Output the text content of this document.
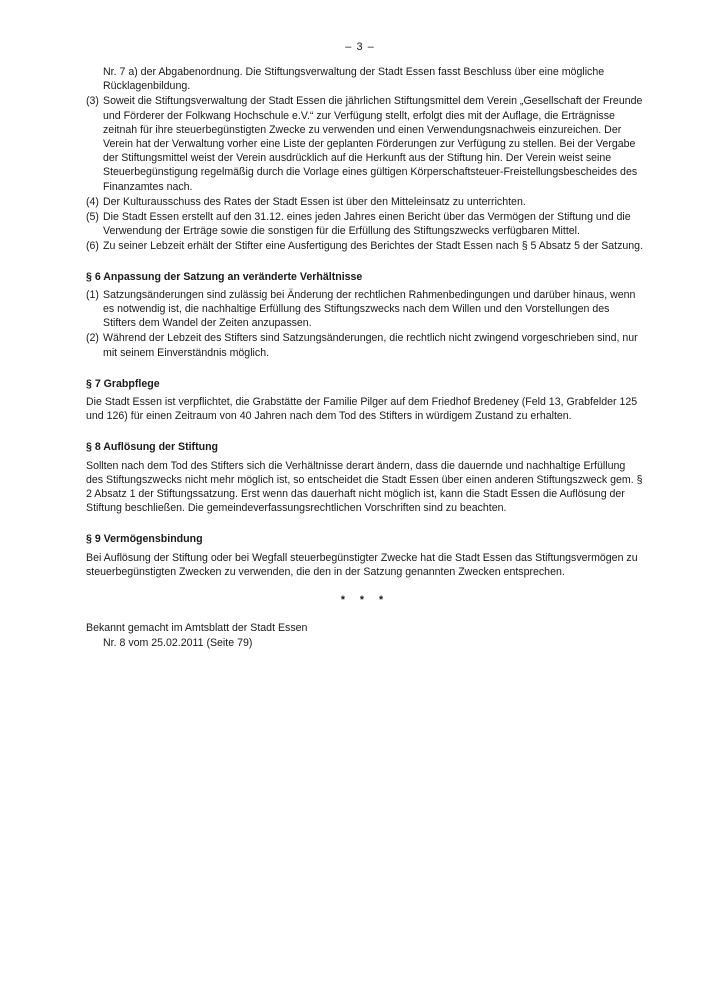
– 3 –
Nr. 7 a) der Abgabenordnung. Die Stiftungsverwaltung der Stadt Essen fasst Beschluss über eine mögliche Rücklagenbildung.
(3) Soweit die Stiftungsverwaltung der Stadt Essen die jährlichen Stiftungsmittel dem Verein „Gesellschaft der Freunde und Förderer der Folkwang Hochschule e.V.“ zur Verfügung stellt, erfolgt dies mit der Auflage, die Erträgnisse zeitnah für ihre steuerbegünstigten Zwecke zu verwenden und einen Verwendungsnachweis einzureichen. Der Verein hat der Verwaltung vorher eine Liste der geplanten Förderungen zur Verfügung zu stellen. Bei der Vergabe der Stiftungsmittel weist der Verein ausdrücklich auf die Herkunft aus der Stiftung hin. Der Verein weist seine Steuerbegünstigung regelmäßig durch die Vorlage eines gültigen Körperschaftsteuer-Freistellungsbescheides des Finanzamtes nach.
(4) Der Kulturausschuss des Rates der Stadt Essen ist über den Mitteleinsatz zu unterrichten.
(5) Die Stadt Essen erstellt auf den 31.12. eines jeden Jahres einen Bericht über das Vermögen der Stiftung und die Verwendung der Erträge sowie die sonstigen für die Erfüllung des Stiftungszwecks verfügbaren Mittel.
(6) Zu seiner Lebzeit erhält der Stifter eine Ausfertigung des Berichtes der Stadt Essen nach § 5 Absatz 5 der Satzung.
§ 6 Anpassung der Satzung an veränderte Verhältnisse
(1) Satzungsänderungen sind zulässig bei Änderung der rechtlichen Rahmenbedingungen und darüber hinaus, wenn es notwendig ist, die nachhaltige Erfüllung des Stiftungszwecks nach dem Willen und den Vorstellungen des Stifters dem Wandel der Zeiten anzupassen.
(2) Während der Lebzeit des Stifters sind Satzungsänderungen, die rechtlich nicht zwingend vorgeschrieben sind, nur mit seinem Einverständnis möglich.
§ 7 Grabpflege

Die Stadt Essen ist verpflichtet, die Grabstätte der Familie Pilger auf dem Friedhof Bredeney (Feld 13, Grabfelder 125 und 126) für einen Zeitraum von 40 Jahren nach dem Tod des Stifters in würdigem Zustand zu erhalten.

§ 8 Auflösung der Stiftung

Sollten nach dem Tod des Stifters sich die Verhältnisse derart ändern, dass die dauernde und nachhaltige Erfüllung des Stiftungszwecks nicht mehr möglich ist, so entscheidet die Stadt Essen über einen anderen Stiftungszweck gem. § 2 Absatz 1 der Stiftungssatzung. Erst wenn das dauerhaft nicht möglich ist, kann die Stadt Essen die Auflösung der Stiftung beschließen. Die gemeindeverfassungsrechtlichen Vorschriften sind zu beachten.

§ 9 Vermögensbindung

Bei Auflösung der Stiftung oder bei Wegfall steuerbegünstigter Zwecke hat die Stadt Essen das Stiftungsvermögen zu steuerbegünstigten Zwecken zu verwenden, die den in der Satzung genannten Zwecken entsprechen.

* * *
Bekannt gemacht im Amtsblatt der Stadt Essen
Nr. 8 vom 25.02.2011 (Seite 79)
